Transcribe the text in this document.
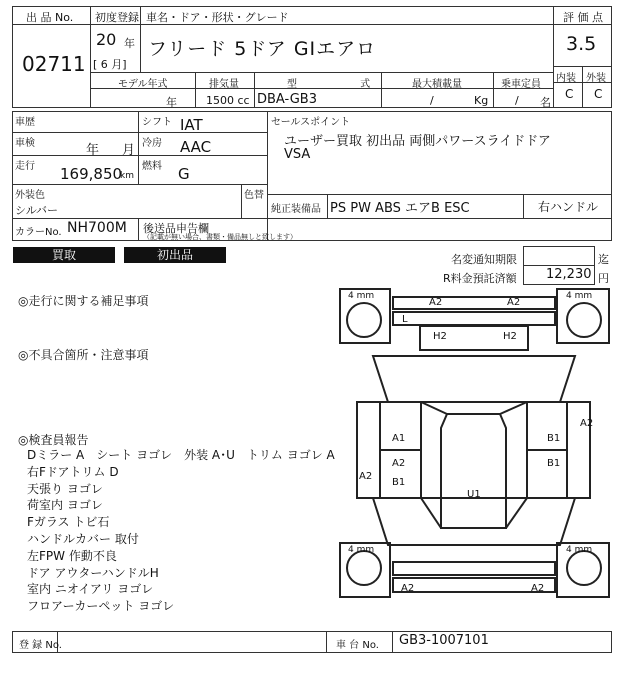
出 品 No.
02711
初度登録
20 年
[ 6 月]
車名・ドア・形状・グレード
フリード 5ドア GIエアロ
評 価 点
3.5
内装 外装
C C
モデル年式
年
排気量
1500 cc
型 式
DBA-GB3
最大積載量
/	Kg
乗車定員
/ 名
車歴
車検	年 月
走行 169,850
km
シフト IAT
冷房 AAC
燃料 G
セールスポイント
ユーザー買取 初出品 両側パワースライドドア
VSA
外装色
シルバー
色替
カラーNo. NH700M
純正装備品 PS PW ABS エアB ESC	右ハンドル
後送品申告欄
（記載が無い場合、書類・備品無しと致します）
買取	初出品	名変通知期限	迄
R料金預託済額 12,230 円
◎走行に関する補足事項
◎不具合箇所・注意事項
◎検査員報告
Dミラー A　シート ヨゴレ　外装 A･U　トリム ヨゴレ A
右Fドアトリム D
天張り ヨゴレ
荷室内 ヨゴレ
Fガラス トビ石
ハンドルカバー 取付
左FPW 作動不良
ドア アウターハンドルH
室内 ニオイアリ ヨゴレ
フロアーカーペット ヨゴレ
4 mm	4 mm
4 mm	4 mm
A2	A2
L
H2	H2
A1	B1
A2
A2	B1
A2
B1
U1
A2	A2
登 録 No.	車 台 No. GB3-1007101
